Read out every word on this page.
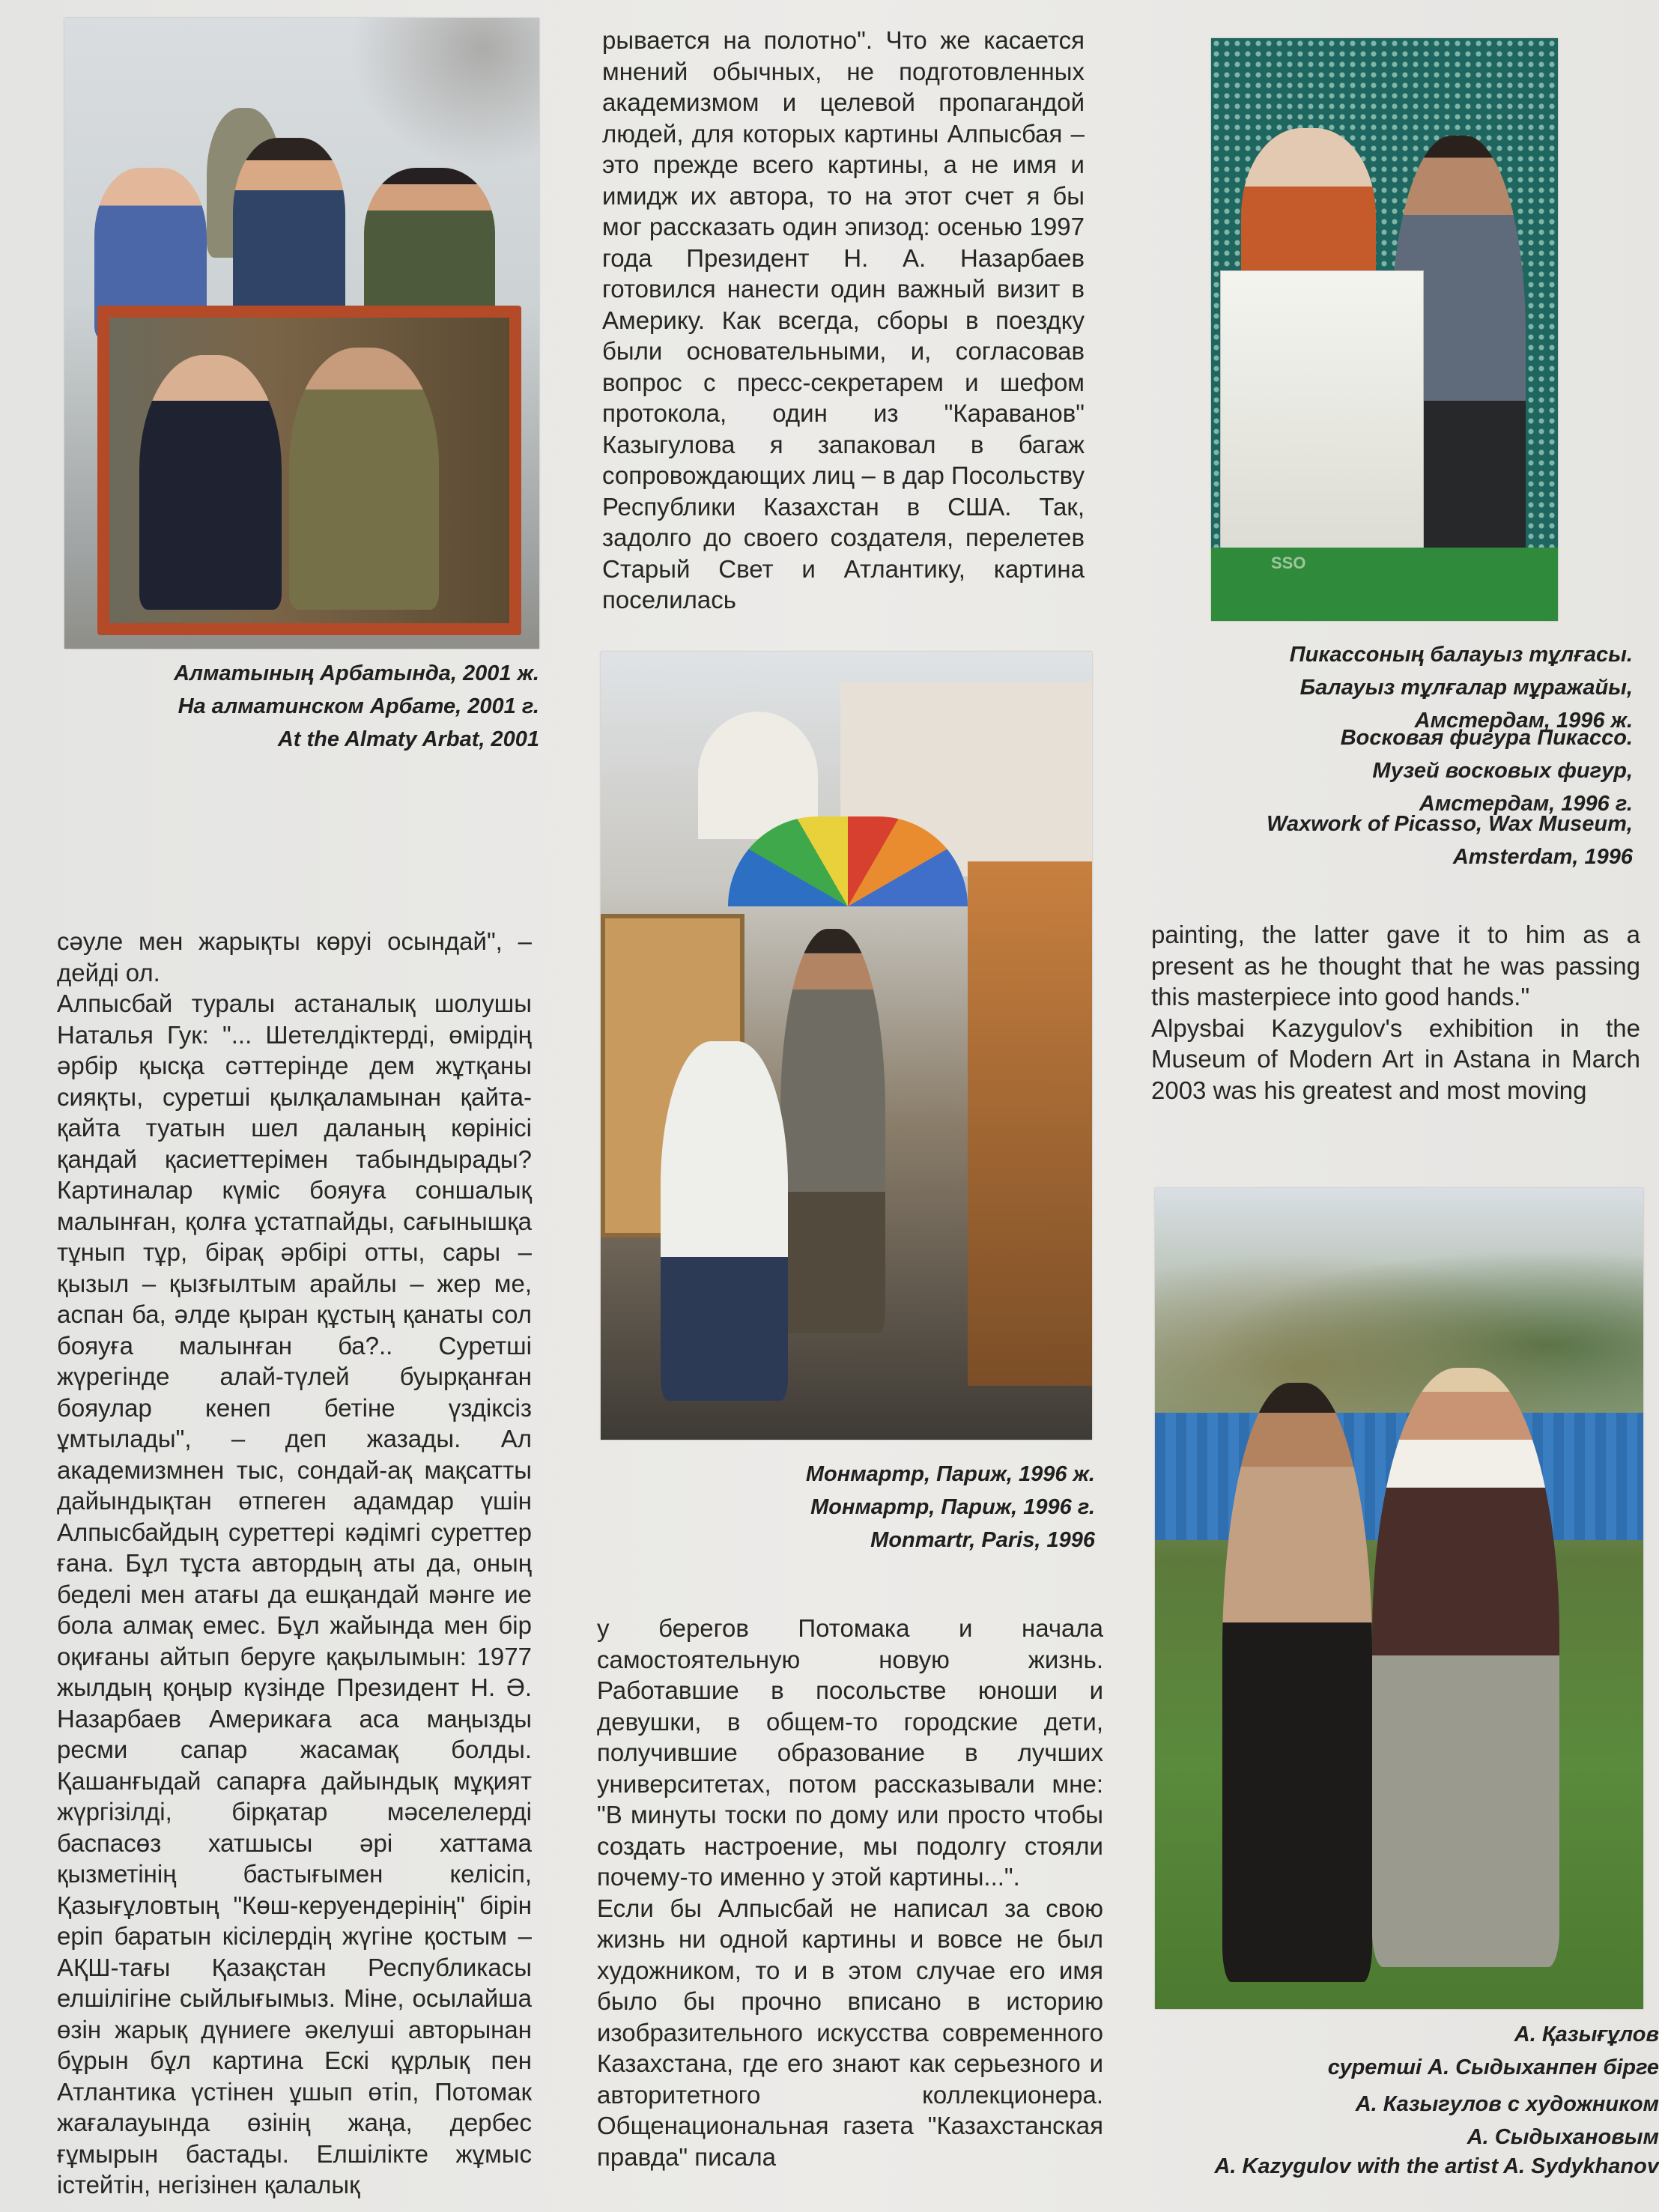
Алматының Арбатында, 2001 ж.
На алматинском Арбате, 2001 г.
At the Almaty Arbat, 2001

рывается на полотно". Что же касается мнений обычных, не подготовленных академизмом и целевой пропагандой людей, для которых картины Алпысбая – это прежде всего картины, а не имя и имидж их автора, то на этот счет я бы мог рассказать один эпизод: осенью 1997 года Президент Н. А. Назарбаев готовился нанести один важный визит в Америку. Как всегда, сборы в поездку были основательными, и, согласовав вопрос с пресс-секретарем и шефом протокола, один из "Караванов" Казыгулова я запаковал в багаж сопровождающих лиц – в дар Посольству Республики Казахстан в США. Так, задолго до своего создателя, перелетев Старый Свет и Атлантику, картина поселилась

SSO
Пикассоның балауыз тұлғасы.
Балауыз тұлғалар мұражайы,
Амстердам, 1996 ж.
Восковая фигура Пикассо.
Музей восковых фигур,
Амстердам, 1996 г.
Waxwork of Picasso, Wax Museum,
Amsterdam, 1996
Монмартр, Париж, 1996 ж.
Монмартр, Париж, 1996 г.
Monmartr, Paris, 1996

painting, the latter gave it to him as a present as he thought that he was passing this masterpiece into good hands."
Alpysbai Kazygulov's exhibition in the Museum of Modern Art in Astana in March 2003 was his greatest and most moving

А. Қазығұлов
суретші А. Сыдыханпен бірге
А. Казыгулов с художником
А. Сыдыхановым
A. Kazygulov with the artist A. Sydykhanov

сәуле мен жарықты көруі осындай", – дейді ол.
Алпысбай туралы астаналық шолушы Наталья Гук: "... Шетелдіктерді, өмірдің әрбір қысқа сәттерінде дем жұтқаны сияқты, суретші қылқаламынан қайта-қайта туатын шел даланың көрінісі қандай қасиеттерімен табындырады? Картиналар күміс бояуға соншалық малынған, қолға ұстатпайды, сағынышқа тұнып тұр, бірақ әрбірі отты, сары – қызыл – қызғылтым арайлы – жер ме, аспан ба, әлде қыран құстың қанаты сол бояуға малынған ба?.. Суретші жүрегінде алай-түлей буырқанған бояулар кенеп бетіне үздіксіз ұмтылады", – деп жазады. Ал академизмнен тыс, сондай-ақ мақсатты дайындықтан өтпеген адамдар үшін Алпысбайдың суреттері кәдімгі суреттер ғана. Бұл тұста автордың аты да, оның беделі мен атағы да ешқандай мәнге ие бола алмақ емес. Бұл жайында мен бір оқиғаны айтып беруге қақылымын: 1977 жылдың қоңыр күзінде Президент Н. Ә. Назарбаев Америкаға аса маңызды ресми сапар жасамақ болды. Қашанғыдай сапарға дайындық мұқият жүргізілді, бірқатар мәселелерді баспасөз хатшысы әрі хаттама қызметінің бастығымен келісіп, Қазығұловтың "Көш-керуендерінің" бірін еріп баратын кісілердің жүгіне қостым – АҚШ-тағы Қазақстан Республикасы елшілігіне сыйлығымыз. Міне, осылайша өзін жарық дүниеге әкелуші авторынан бұрын бұл картина Ескі құрлық пен Атлантика үстінен ұшып өтіп, Потомак жағалауында өзінің жаңа, дербес ғұмырын бастады. Елшілікте жұмыс істейтін, негізінен қалалық

у берегов Потомака и начала самостоятельную новую жизнь. Работавшие в посольстве юноши и девушки, в общем-то городские дети, получившие образование в лучших университетах, потом рассказывали мне: "В минуты тоски по дому или просто чтобы создать настроение, мы подолгу стояли почему-то именно у этой картины...".
Если бы Алпысбай не написал за свою жизнь ни одной картины и вовсе не был художником, то и в этом случае его имя было бы прочно вписано в историю изобразительного искусства современного Казахстана, где его знают как серьезного и авторитетного коллекционера. Общенациональная газета "Казахстанская правда" писала
